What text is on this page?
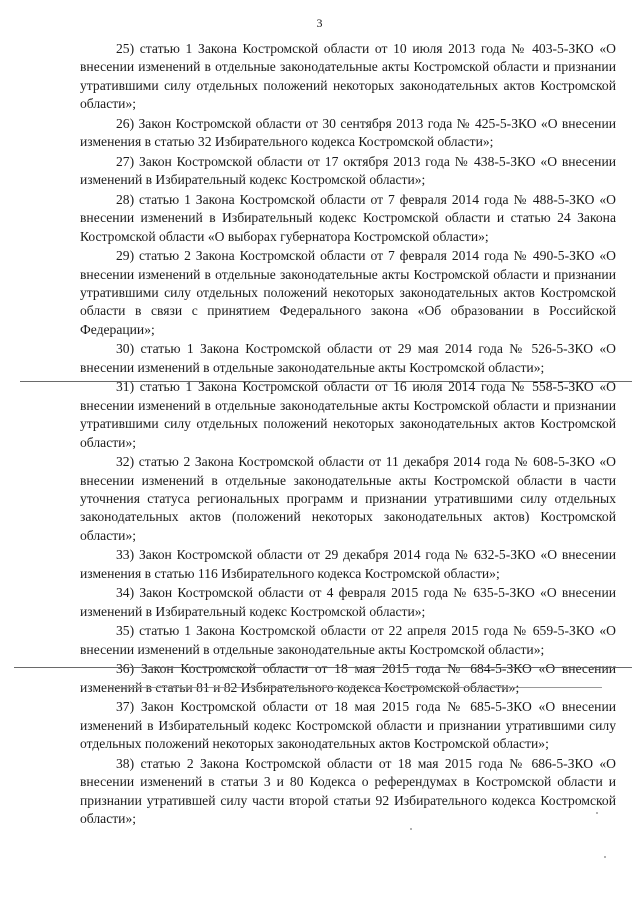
3

25) статью 1 Закона Костромской области от 10 июля 2013 года № 403-5-ЗКО «О внесении изменений в отдельные законодательные акты Костромской области и признании утратившими силу отдельных положений некоторых законодательных актов Костромской области»;

26) Закон Костромской области от 30 сентября 2013 года № 425-5-ЗКО «О внесении изменения в статью 32 Избирательного кодекса Костромской области»;

27) Закон Костромской области от 17 октября 2013 года № 438-5-ЗКО «О внесении изменений в Избирательный кодекс Костромской области»;

28) статью 1 Закона Костромской области от 7 февраля 2014 года № 488-5-ЗКО «О внесении изменений в Избирательный кодекс Костромской области и статью 24 Закона Костромской области «О выборах губернатора Костромской области»;

29) статью 2 Закона Костромской области от 7 февраля 2014 года № 490-5-ЗКО «О внесении изменений в отдельные законодательные акты Костромской области и признании утратившими силу отдельных положений некоторых законодательных актов Костромской области в связи с принятием Федерального закона «Об образовании в Российской Федерации»;

30) статью 1 Закона Костромской области от 29 мая 2014 года № 526-5-ЗКО «О внесении изменений в отдельные законодательные акты Костромской области»;

31) статью 1 Закона Костромской области от 16 июля 2014 года № 558-5-ЗКО «О внесении изменений в отдельные законодательные акты Костромской области и признании утратившими силу отдельных положений некоторых законодательных актов Костромской области»;

32) статью 2 Закона Костромской области от 11 декабря 2014 года № 608-5-ЗКО «О внесении изменений в отдельные законодательные акты Костромской области в части уточнения статуса региональных программ и признании утратившими силу отдельных законодательных актов (положений некоторых законодательных актов) Костромской области»;

33) Закон Костромской области от 29 декабря 2014 года № 632-5-ЗКО «О внесении изменения в статью 116 Избирательного кодекса Костромской области»;

34) Закон Костромской области от 4 февраля 2015 года № 635-5-ЗКО «О внесении изменений в Избирательный кодекс Костромской области»;

35) статью 1 Закона Костромской области от 22 апреля 2015 года № 659-5-ЗКО «О внесении изменений в отдельные законодательные акты Костромской области»;

36) Закон Костромской области от 18 мая 2015 года № 684-5-ЗКО «О внесении изменений в статьи 81 и 82 Избирательного кодекса Костромской области»;

37) Закон Костромской области от 18 мая 2015 года № 685-5-ЗКО «О внесении изменений в Избирательный кодекс Костромской области и признании утратившими силу отдельных положений некоторых законодательных актов Костромской области»;

38) статью 2 Закона Костромской области от 18 мая 2015 года № 686-5-ЗКО «О внесении изменений в статьи 3 и 80 Кодекса о референдумах в Костромской области и признании утратившей силу части второй статьи 92 Избирательного кодекса Костромской области»;
